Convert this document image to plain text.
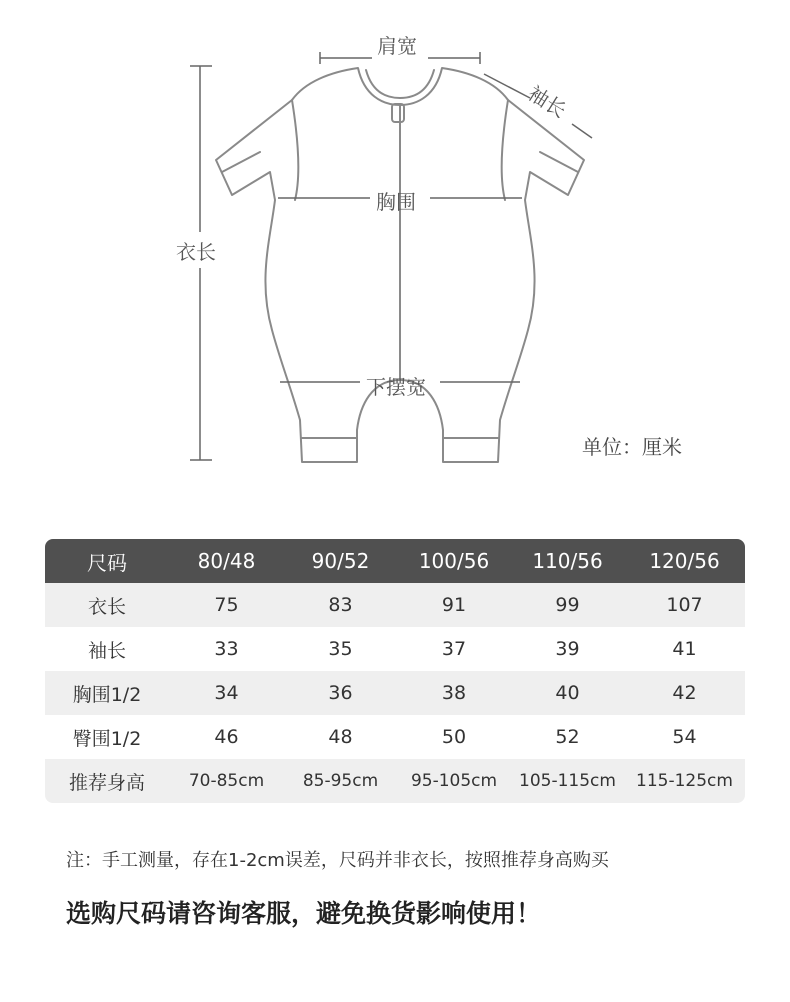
肩宽
袖长
胸围
衣长
下摆宽
单位：厘米
尺码	80/48	90/52	100/56	110/56	120/56
衣长	75	83	91	99	107
袖长	33	35	37	39	41
胸围1/2	34	36	38	40	42
臀围1/2	46	48	50	52	54
推荐身高	70-85cm	85-95cm	95-105cm	105-115cm	115-125cm
注：手工测量，存在1-2cm误差，尺码并非衣长，按照推荐身高购买
选购尺码请咨询客服，避免换货影响使用！
